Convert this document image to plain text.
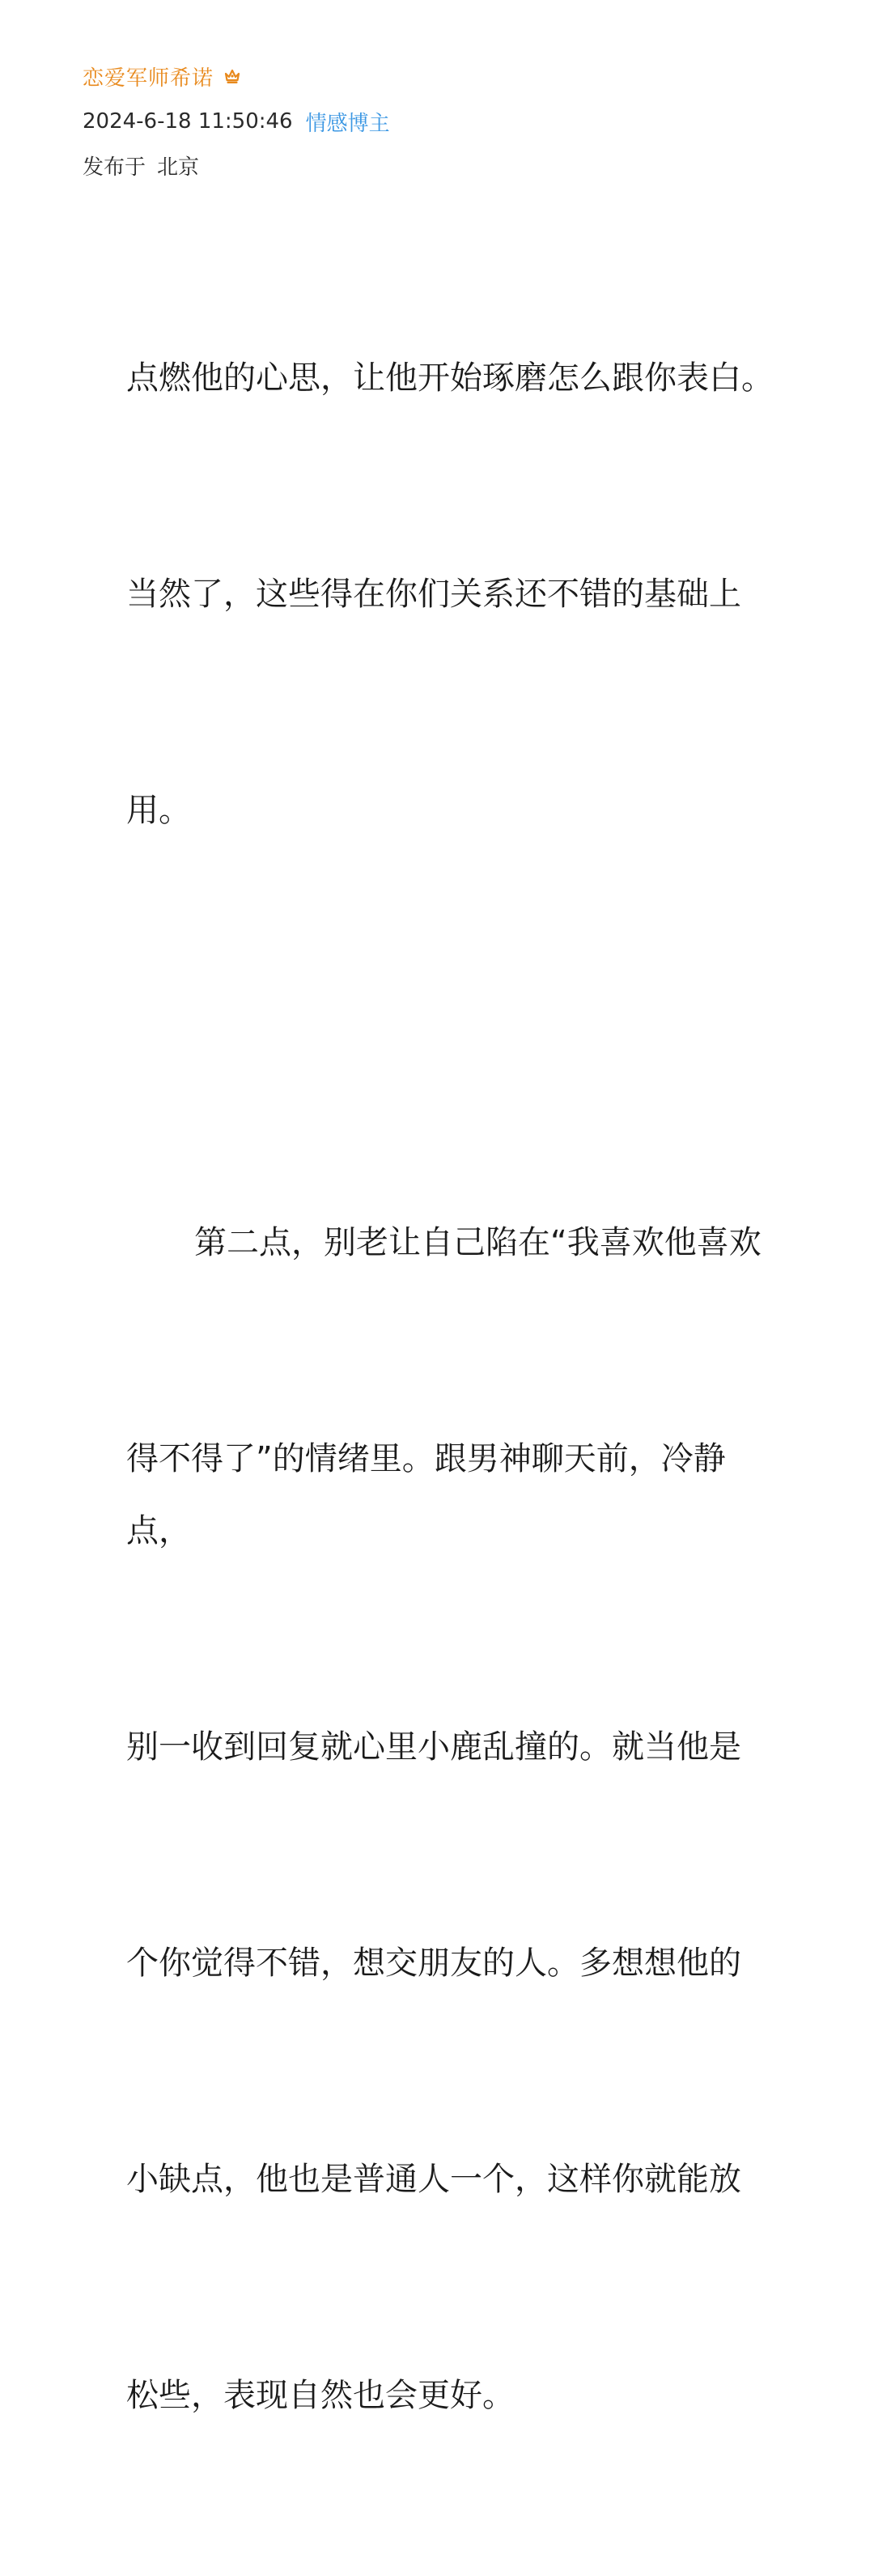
恋爱军师希诺
2024-6-18 11:50:46 情感博主
发布于 北京

点燃他的心思，让他开始琢磨怎么跟你表白。

当然了，这些得在你们关系还不错的基础上

用。

第二点，别老让自己陷在“我喜欢他喜欢

得不得了”的情绪里。跟男神聊天前，冷静点，

别一收到回复就心里小鹿乱撞的。就当他是

个你觉得不错，想交朋友的人。多想想他的

小缺点，他也是普通人一个，这样你就能放

松些，表现自然也会更好。
